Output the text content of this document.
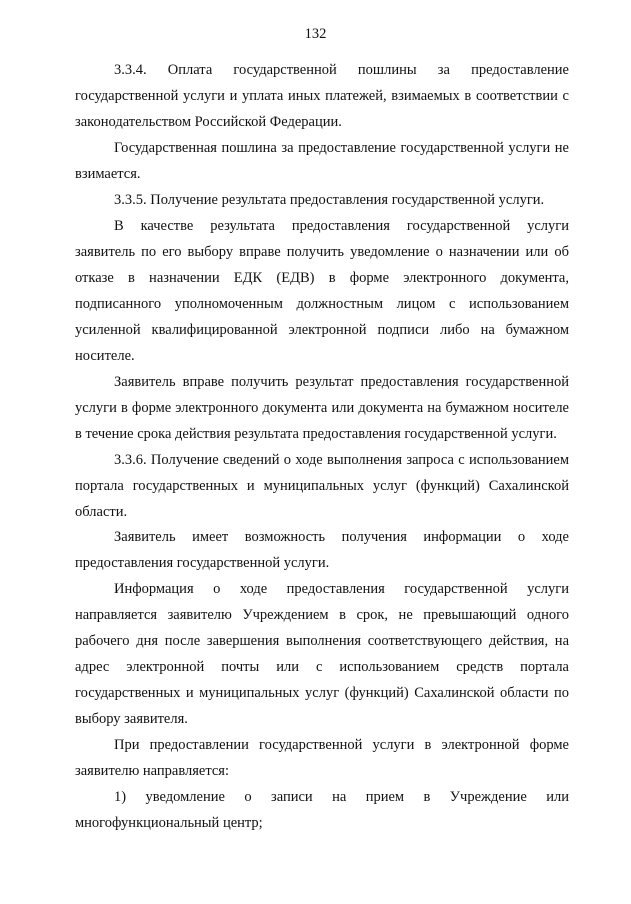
132

3.3.4. Оплата государственной пошлины за предоставление
государственной услуги и уплата иных платежей, взимаемых в соответствии с
законодательством Российской Федерации.

Государственная пошлина за предоставление государственной услуги не
взимается.

3.3.5. Получение результата предоставления государственной услуги.

В качестве результата предоставления государственной услуги
заявитель по его выбору вправе получить уведомление о назначении или об
отказе в назначении ЕДК (ЕДВ) в форме электронного документа,
подписанного уполномоченным должностным лицом с использованием
усиленной квалифицированной электронной подписи либо на бумажном
носителе.

Заявитель вправе получить результат предоставления государственной
услуги в форме электронного документа или документа на бумажном носителе
в течение срока действия результата предоставления государственной услуги.

3.3.6. Получение сведений о ходе выполнения запроса с использованием
портала государственных и муниципальных услуг (функций) Сахалинской
области.

Заявитель имеет возможность получения информации о ходе
предоставления государственной услуги.

Информация о ходе предоставления государственной услуги
направляется заявителю Учреждением в срок, не превышающий одного
рабочего дня после завершения выполнения соответствующего действия, на
адрес электронной почты или с использованием средств портала
государственных и муниципальных услуг (функций) Сахалинской области по
выбору заявителя.

При предоставлении государственной услуги в электронной форме
заявителю направляется:

1) уведомление о записи на прием в Учреждение или
многофункциональный центр;
